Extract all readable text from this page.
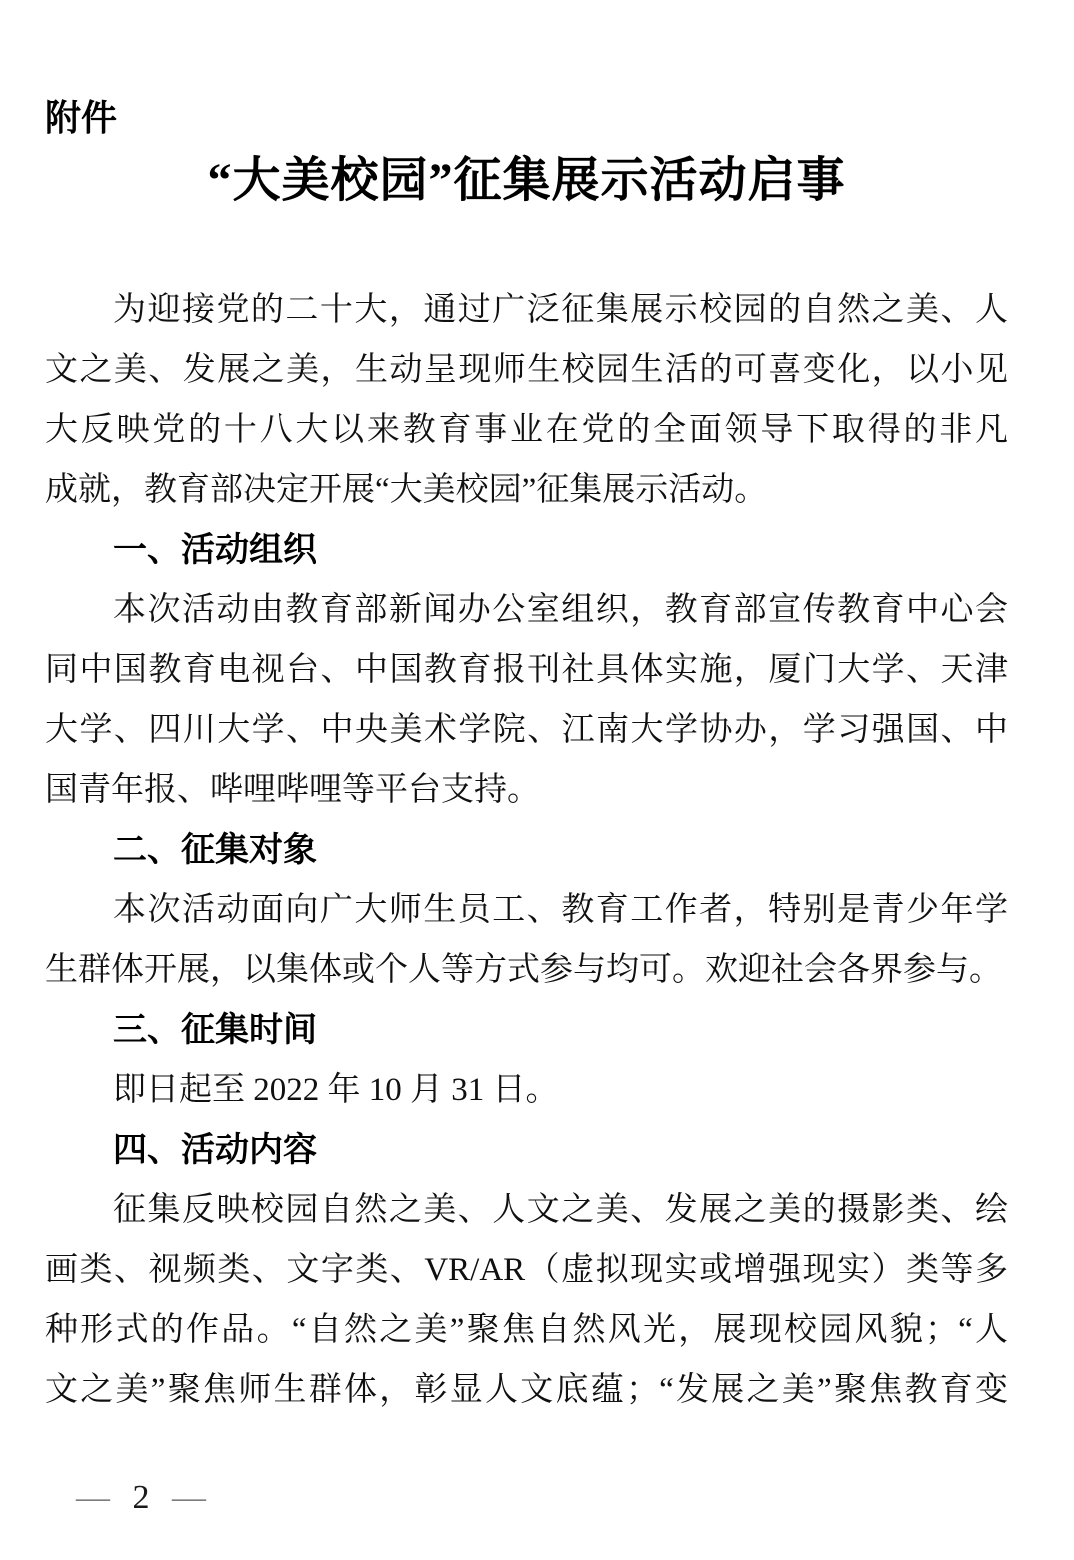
附件
“大美校园”征集展示活动启事
为迎接党的二十大，通过广泛征集展示校园的自然之美、人
文之美、发展之美，生动呈现师生校园生活的可喜变化，以小见
大反映党的十八大以来教育事业在党的全面领导下取得的非凡
成就，教育部决定开展“大美校园”征集展示活动。
一、活动组织
本次活动由教育部新闻办公室组织，教育部宣传教育中心会
同中国教育电视台、中国教育报刊社具体实施，厦门大学、天津
大学、四川大学、中央美术学院、江南大学协办，学习强国、中
国青年报、哔哩哔哩等平台支持。
二、征集对象
本次活动面向广大师生员工、教育工作者，特别是青少年学
生群体开展，以集体或个人等方式参与均可。欢迎社会各界参与。
三、征集时间
即日起至 2022 年 10 月 31 日。
四、活动内容
征集反映校园自然之美、人文之美、发展之美的摄影类、绘
画类、视频类、文字类、VR/AR（虚拟现实或增强现实）类等多
种形式的作品。“自然之美”聚焦自然风光，展现校园风貌；“人
文之美”聚焦师生群体，彰显人文底蕴；“发展之美”聚焦教育变
— 2 —
